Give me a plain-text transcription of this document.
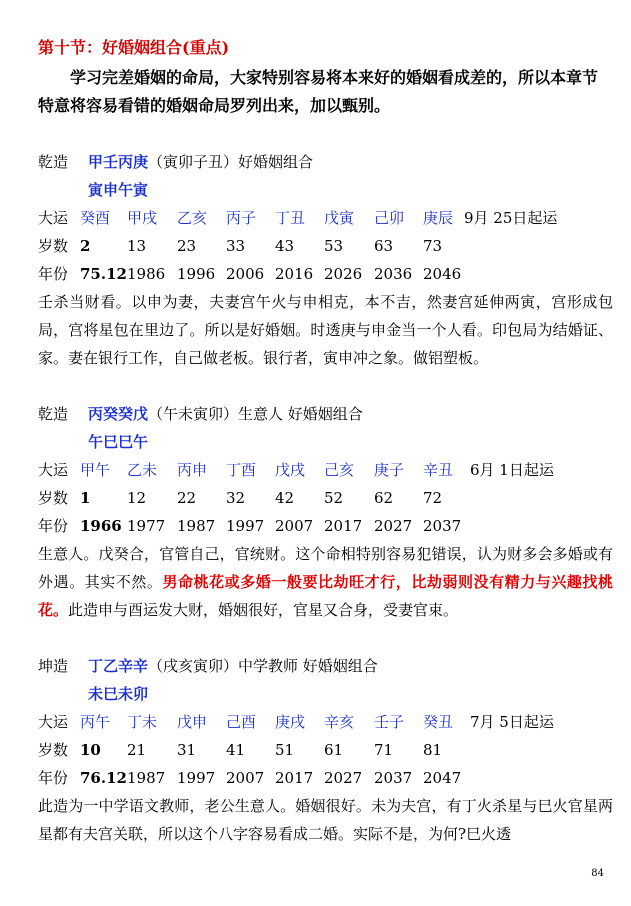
第十节：好婚姻组合(重点)

学习完差婚姻的命局，大家特别容易将本来好的婚姻看成差的，所以本章节特意将容易看错的婚姻命局罗列出来，加以甄别。

乾造 甲壬丙庚（寅卯子丑）好婚姻组合
寅申午寅
大运 癸酉 甲戌 乙亥 丙子 丁丑 戊寅 己卯 庚辰 9月 25日起运
岁数 2 13 23 33 43 53 63 73
年份 75.12 1986 1996 2006 2016 2026 2036 2046

壬杀当财看。以申为妻，夫妻宫午火与申相克，本不吉，然妻宫延伸两寅，宫形成包局，宫将星包在里边了。所以是好婚姻。时透庚与申金当一个人看。印包局为结婚证、家。妻在银行工作，自己做老板。银行者，寅申冲之象。做铝塑板。

乾造 丙癸癸戊（午未寅卯）生意人 好婚姻组合
午巳巳午
大运 甲午 乙未 丙申 丁酉 戊戌 己亥 庚子 辛丑 6月 1日起运
岁数 1 12 22 32 42 52 62 72
年份 1966 1977 1987 1997 2007 2017 2027 2037

生意人。戊癸合，官管自己，官统财。这个命相特别容易犯错误，认为财多会多婚或有外遇。其实不然。男命桃花或多婚一般要比劫旺才行，比劫弱则没有精力与兴趣找桃花。此造申与酉运发大财，婚姻很好，官星又合身，受妻官束。

坤造 丁乙辛辛（戌亥寅卯）中学教师 好婚姻组合
未巳未卯
大运 丙午 丁未 戊申 己酉 庚戌 辛亥 壬子 癸丑 7月 5日起运
岁数 10 21 31 41 51 61 71 81
年份 76.12 1987 1997 2007 2017 2027 2037 2047

此造为一中学语文教师，老公生意人。婚姻很好。未为夫宫，有丁火杀星与巳火官星两星都有夫宫关联，所以这个八字容易看成二婚。实际不是，为何?巳火透

84
